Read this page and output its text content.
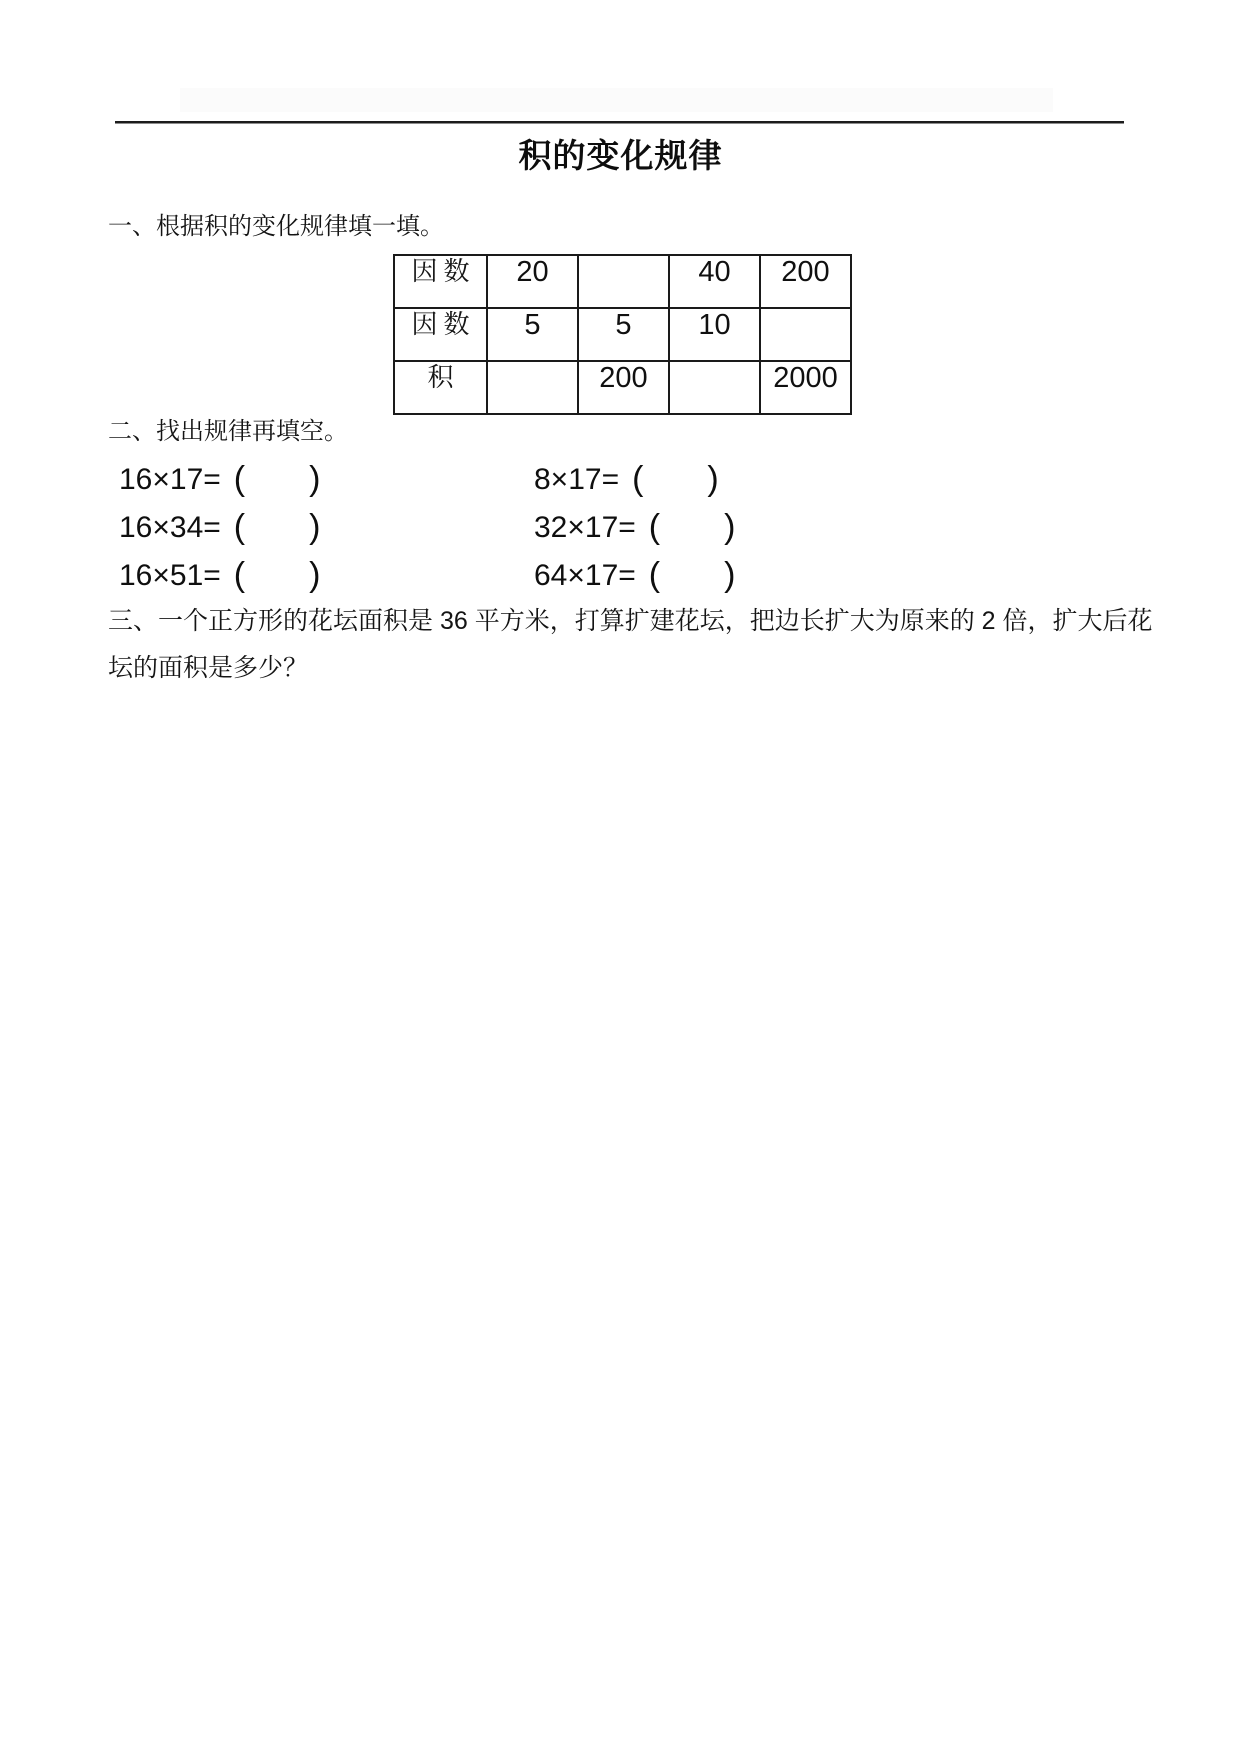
积的变化规律
一、根据积的变化规律填一填。
因数	20		40	200
因数	5	5	10	
积		200		2000
二、找出规律再填空。
16×17= ( )	8×17= ( )
16×34= ( )	32×17= ( )
16×51= ( )	64×17= ( )
三、一个正方形的花坛面积是 36 平方米，打算扩建花坛，把边长扩大为原来的 2 倍，扩大后花
坛的面积是多少？
